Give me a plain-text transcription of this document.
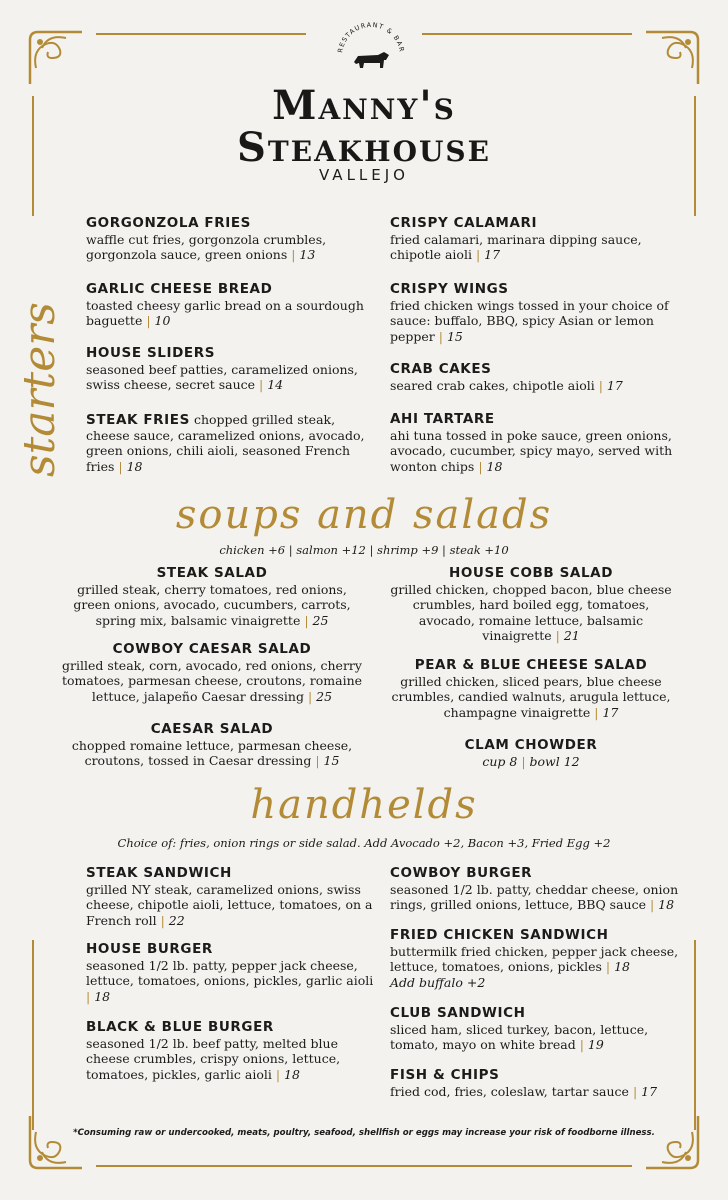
RESTAURANT & BAR
Manny's
Steakhouse
VALLEJO
starters
GORGONZOLA FRIES
waffle cut fries, gorgonzola crumbles, gorgonzola sauce, green onions | 13
GARLIC CHEESE BREAD
toasted cheesy garlic bread on a sourdough baguette | 10
HOUSE SLIDERS
seasoned beef patties, caramelized onions, swiss cheese, secret sauce | 14
STEAK FRIES chopped grilled steak, cheese sauce, caramelized onions, avocado, green onions, chili aioli, seasoned French fries | 18
CRISPY CALAMARI
fried calamari, marinara dipping sauce, chipotle aioli | 17
CRISPY WINGS
fried chicken wings tossed in your choice of sauce: buffalo, BBQ, spicy Asian or lemon pepper | 15
CRAB CAKES
seared crab cakes, chipotle aioli | 17
AHI TARTARE
ahi tuna tossed in poke sauce, green onions, avocado, cucumber, spicy mayo, served with wonton chips | 18
soups and salads
chicken +6 | salmon +12 | shrimp +9 | steak +10
STEAK SALAD
grilled steak, cherry tomatoes, red onions, green onions, avocado, cucumbers, carrots, spring mix, balsamic vinaigrette | 25
COWBOY CAESAR SALAD
grilled steak, corn, avocado, red onions, cherry tomatoes, parmesan cheese, croutons, romaine lettuce, jalapeño Caesar dressing | 25
CAESAR SALAD
chopped romaine lettuce, parmesan cheese, croutons, tossed in Caesar dressing | 15
HOUSE COBB SALAD
grilled chicken, chopped bacon, blue cheese crumbles, hard boiled egg, tomatoes, avocado, romaine lettuce, balsamic vinaigrette | 21
PEAR & BLUE CHEESE SALAD
grilled chicken, sliced pears, blue cheese crumbles, candied walnuts, arugula lettuce, champagne vinaigrette | 17
CLAM CHOWDER
cup 8 | bowl 12
handhelds
Choice of: fries, onion rings or side salad. Add Avocado +2, Bacon +3, Fried Egg +2
STEAK SANDWICH
grilled NY steak, caramelized onions, swiss cheese, chipotle aioli, lettuce, tomatoes, on a French roll | 22
HOUSE BURGER
seasoned 1/2 lb. patty, pepper jack cheese, lettuce, tomatoes, onions, pickles, garlic aioli | 18
BLACK & BLUE BURGER
seasoned 1/2 lb. beef patty, melted blue cheese crumbles, crispy onions, lettuce, tomatoes, pickles, garlic aioli | 18
COWBOY BURGER
seasoned 1/2 lb. patty, cheddar cheese, onion rings, grilled onions, lettuce, BBQ sauce | 18
FRIED CHICKEN SANDWICH
buttermilk fried chicken, pepper jack cheese, lettuce, tomatoes, onions, pickles | 18
Add buffalo +2
CLUB SANDWICH
sliced ham, sliced turkey, bacon, lettuce, tomato, mayo on white bread | 19
FISH & CHIPS
fried cod, fries, coleslaw, tartar sauce | 17
*Consuming raw or undercooked, meats, poultry, seafood, shellfish or eggs may increase your risk of foodborne illness.
